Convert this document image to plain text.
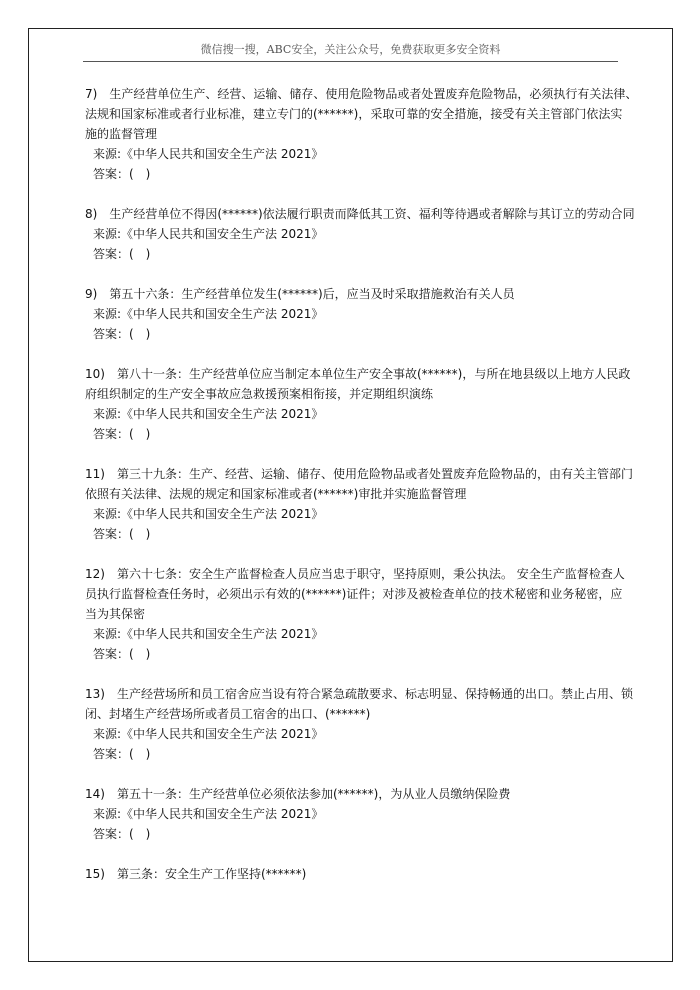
微信搜一搜，ABC安全，关注公众号，免费获取更多安全资料
7)　生产经营单位生产、经营、运输、储存、使用危险物品或者处置废弃危险物品，必须执行有关法律、
法规和国家标准或者行业标准，建立专门的(******)，采取可靠的安全措施，接受有关主管部门依法实
施的监督管理
来源:《中华人民共和国安全生产法 2021》
答案：(　)
8)　生产经营单位不得因(******)依法履行职责而降低其工资、福利等待遇或者解除与其订立的劳动合同
来源:《中华人民共和国安全生产法 2021》
答案：(　)
9)　第五十六条：生产经营单位发生(******)后，应当及时采取措施救治有关人员
来源:《中华人民共和国安全生产法 2021》
答案：(　)
10)　第八十一条：生产经营单位应当制定本单位生产安全事故(******)，与所在地县级以上地方人民政
府组织制定的生产安全事故应急救援预案相衔接，并定期组织演练
来源:《中华人民共和国安全生产法 2021》
答案：(　)
11)　第三十九条：生产、经营、运输、储存、使用危险物品或者处置废弃危险物品的，由有关主管部门
依照有关法律、法规的规定和国家标准或者(******)审批并实施监督管理
来源:《中华人民共和国安全生产法 2021》
答案：(　)
12)　第六十七条：安全生产监督检查人员应当忠于职守，坚持原则，秉公执法。 安全生产监督检查人
员执行监督检查任务时，必须出示有效的(******)证件；对涉及被检查单位的技术秘密和业务秘密，应
当为其保密
来源:《中华人民共和国安全生产法 2021》
答案：(　)
13)　生产经营场所和员工宿舍应当设有符合紧急疏散要求、标志明显、保持畅通的出口。禁止占用、锁
闭、封堵生产经营场所或者员工宿舍的出口、(******)
来源:《中华人民共和国安全生产法 2021》
答案：(　)
14)　第五十一条：生产经营单位必须依法参加(******)，为从业人员缴纳保险费
来源:《中华人民共和国安全生产法 2021》
答案：(　)
15)　第三条：安全生产工作坚持(******)
